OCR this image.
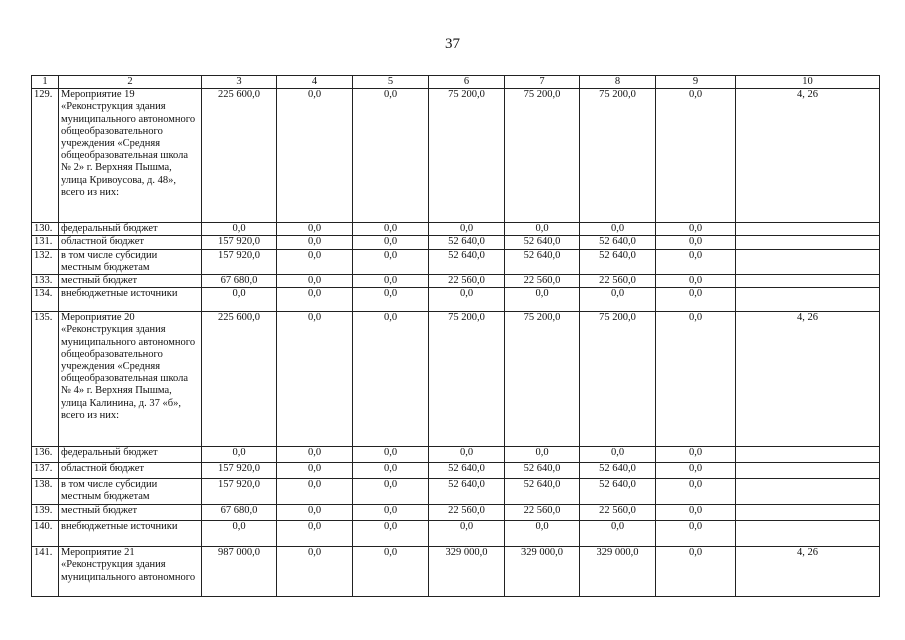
37
1	2	3	4	5	6	7	8	9	10
129.	Мероприятие 19 «Реконструкция здания муниципального автономного общеобразовательного учреждения «Средняя общеобразовательная школа № 2» г. Верхняя Пышма, улица Кривоусова, д. 48», всего из них:	225 600,0	0,0	0,0	75 200,0	75 200,0	75 200,0	0,0	4, 26
130.	федеральный бюджет	0,0	0,0	0,0	0,0	0,0	0,0	0,0	
131.	областной бюджет	157 920,0	0,0	0,0	52 640,0	52 640,0	52 640,0	0,0	
132.	в том числе субсидии местным бюджетам	157 920,0	0,0	0,0	52 640,0	52 640,0	52 640,0	0,0	
133.	местный бюджет	67 680,0	0,0	0,0	22 560,0	22 560,0	22 560,0	0,0	
134.	внебюджетные источники	0,0	0,0	0,0	0,0	0,0	0,0	0,0	
135.	Мероприятие 20 «Реконструкция здания муниципального автономного общеобразовательного учреждения «Средняя общеобразовательная школа № 4» г. Верхняя Пышма, улица Калинина, д. 37 «б», всего из них:	225 600,0	0,0	0,0	75 200,0	75 200,0	75 200,0	0,0	4, 26
136.	федеральный бюджет	0,0	0,0	0,0	0,0	0,0	0,0	0,0	
137.	областной бюджет	157 920,0	0,0	0,0	52 640,0	52 640,0	52 640,0	0,0	
138.	в том числе субсидии местным бюджетам	157 920,0	0,0	0,0	52 640,0	52 640,0	52 640,0	0,0	
139.	местный бюджет	67 680,0	0,0	0,0	22 560,0	22 560,0	22 560,0	0,0	
140.	внебюджетные источники	0,0	0,0	0,0	0,0	0,0	0,0	0,0	
141.	Мероприятие 21 «Реконструкция здания муниципального автономного	987 000,0	0,0	0,0	329 000,0	329 000,0	329 000,0	0,0	4, 26
